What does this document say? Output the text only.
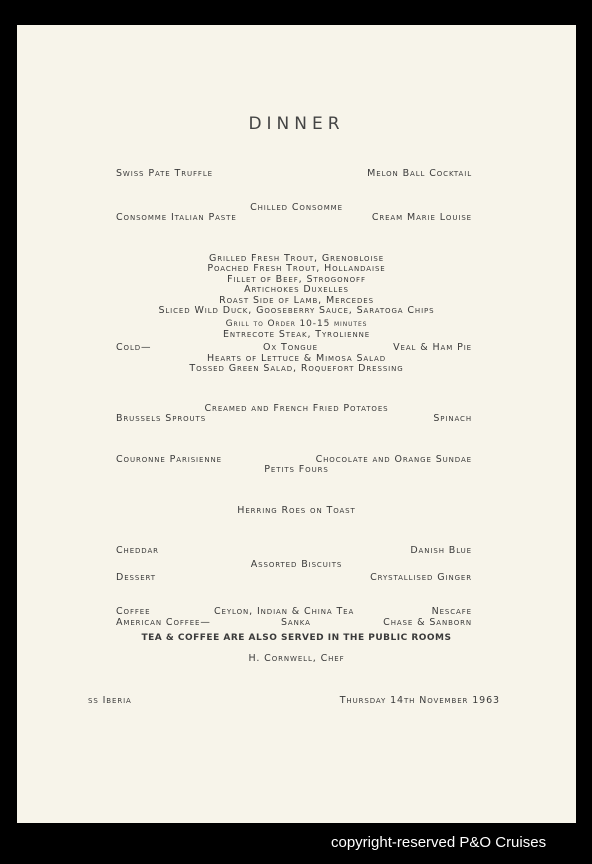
DINNER
Swiss Pate Truffle	Melon Ball Cocktail
Chilled Consomme
Consomme Italian Paste	Cream Marie Louise
Grilled Fresh Trout, Grenobloise
Poached Fresh Trout, Hollandaise
Fillet of Beef, Strogonoff
Artichokes Duxelles
Roast Side of Lamb, Mercedes
Sliced Wild Duck, Gooseberry Sauce, Saratoga Chips
Grill to Order 10-15 minutes
Entrecote Steak, Tyrolienne
Cold—	Ox Tongue	Veal & Ham Pie
Hearts of Lettuce & Mimosa Salad
Tossed Green Salad, Roquefort Dressing
Creamed and French Fried Potatoes
Brussels Sprouts	Spinach
Couronne Parisienne	Chocolate and Orange Sundae
Petits Fours
Herring Roes on Toast
Cheddar	Danish Blue
Assorted Biscuits
Dessert	Crystallised Ginger
Coffee	Ceylon, Indian & China Tea	Nescafe
American Coffee—	Sanka	Chase & Sanborn
TEA & COFFEE ARE ALSO SERVED IN THE PUBLIC ROOMS
H. Cornwell, Chef
ss Iberia	Thursday 14th November 1963
copyright-reserved P&O Cruises
